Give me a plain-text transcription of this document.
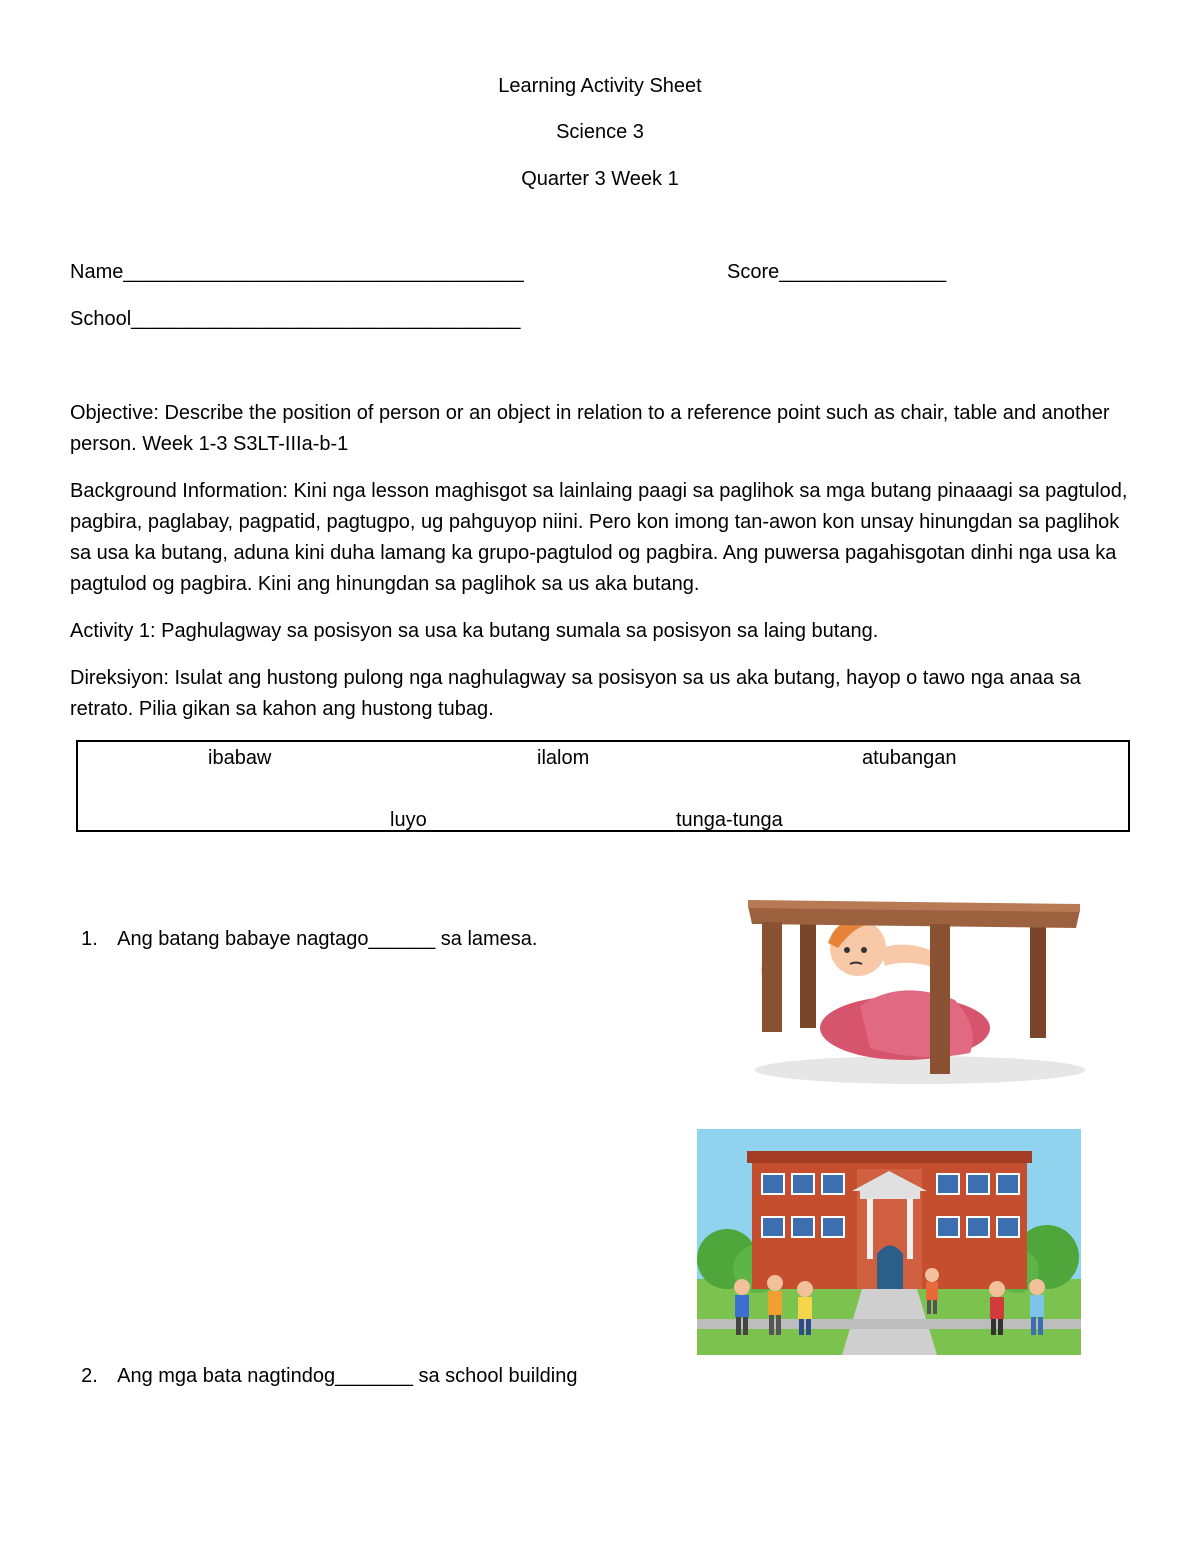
Learning Activity Sheet
Science 3
Quarter 3 Week 1
Name____________________________________	Score_______________
School___________________________________
Objective: Describe the position of person or an object in relation to a reference point such as chair, table and another person. Week 1-3 S3LT-IIIa-b-1
Background Information: Kini nga lesson maghisgot sa lainlaing paagi sa paglihok sa mga butang pinaaagi sa pagtulod, pagbira, paglabay, pagpatid, pagtugpo, ug pahguyop niini. Pero kon imong tan-awon kon unsay hinungdan sa paglihok sa usa ka butang, aduna kini duha lamang ka grupo-pagtulod og pagbira. Ang puwersa pagahisgotan dinhi nga usa ka pagtulod og pagbira. Kini ang hinungdan sa paglihok sa us aka butang.
Activity 1: Paghulagway sa posisyon sa usa ka butang sumala sa posisyon sa laing butang.
Direksiyon: Isulat ang hustong pulong nga naghulagway sa posisyon sa us aka butang, hayop o tawo nga anaa sa retrato. Pilia gikan sa kahon ang hustong tubag.
ibabaw	ilalom	atubangan
luyo	tunga-tunga

1. Ang batang babaye nagtago______ sa lamesa.

2. Ang mga bata nagtindog_______ sa school building
